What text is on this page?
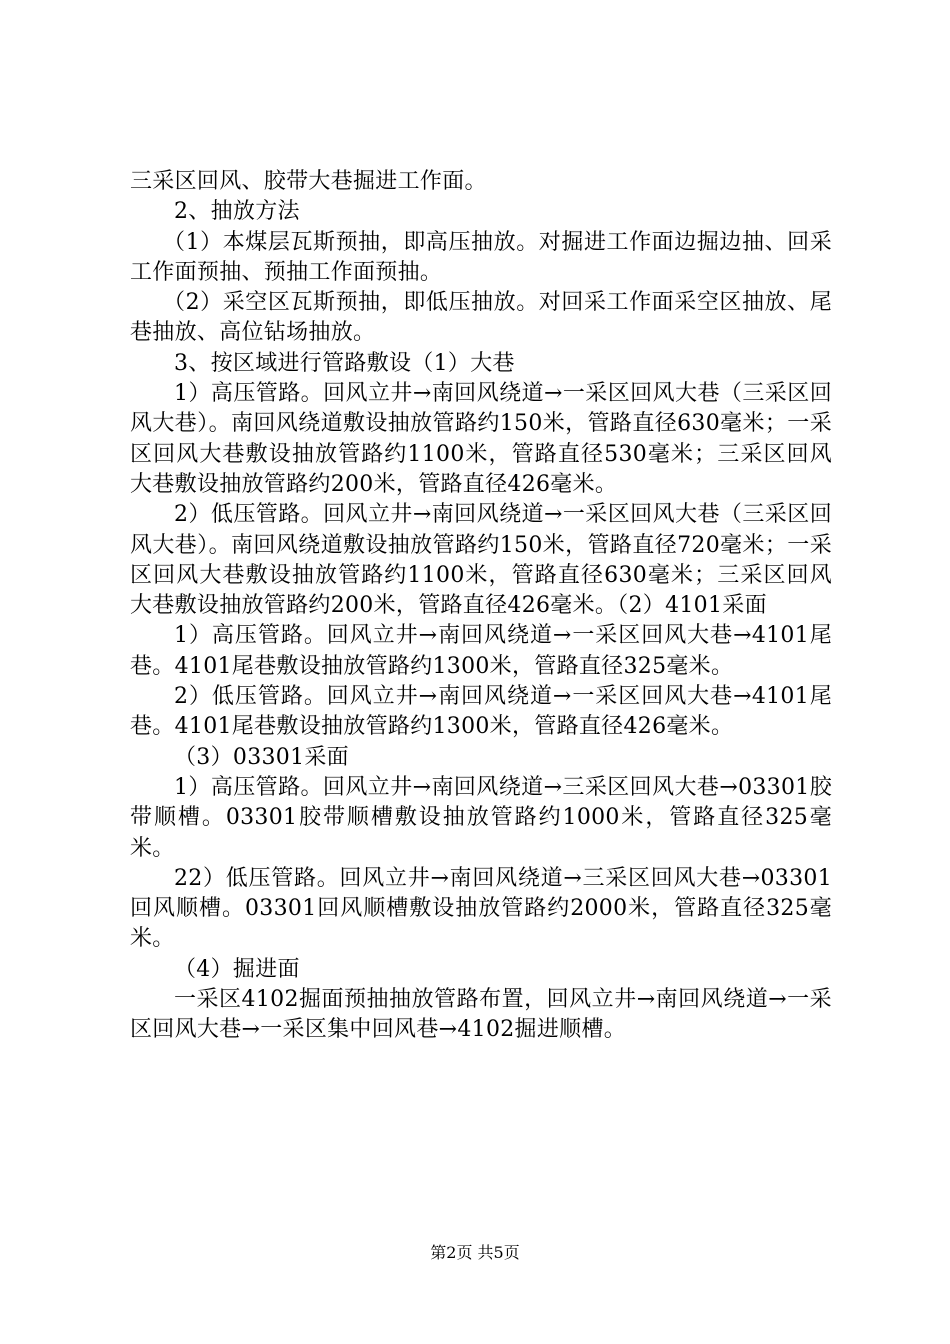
三采区回风、胶带大巷掘进工作面。

2、抽放方法

（1）本煤层瓦斯预抽，即高压抽放。对掘进工作面边掘边抽、回采工作面预抽、预抽工作面预抽。

（2）采空区瓦斯预抽，即低压抽放。对回采工作面采空区抽放、尾巷抽放、高位钻场抽放。

3、按区域进行管路敷设（1）大巷

1）高压管路。回风立井→南回风绕道→一采区回风大巷（三采区回风大巷）。南回风绕道敷设抽放管路约150米，管路直径630毫米；一采区回风大巷敷设抽放管路约1100米，管路直径530毫米；三采区回风大巷敷设抽放管路约200米，管路直径426毫米。

2）低压管路。回风立井→南回风绕道→一采区回风大巷（三采区回风大巷）。南回风绕道敷设抽放管路约150米，管路直径720毫米；一采区回风大巷敷设抽放管路约1100米，管路直径630毫米；三采区回风大巷敷设抽放管路约200米，管路直径426毫米。（2）4101采面

1）高压管路。回风立井→南回风绕道→一采区回风大巷→4101尾巷。4101尾巷敷设抽放管路约1300米，管路直径325毫米。

2）低压管路。回风立井→南回风绕道→一采区回风大巷→4101尾巷。4101尾巷敷设抽放管路约1300米，管路直径426毫米。

（3）03301采面

1）高压管路。回风立井→南回风绕道→三采区回风大巷→03301胶带顺槽。03301胶带顺槽敷设抽放管路约1000米，管路直径325毫米。

22）低压管路。回风立井→南回风绕道→三采区回风大巷→03301回风顺槽。03301回风顺槽敷设抽放管路约2000米，管路直径325毫米。

（4）掘进面

一采区4102掘面预抽抽放管路布置，回风立井→南回风绕道→一采区回风大巷→一采区集中回风巷→4102掘进顺槽。

第2页 共5页
